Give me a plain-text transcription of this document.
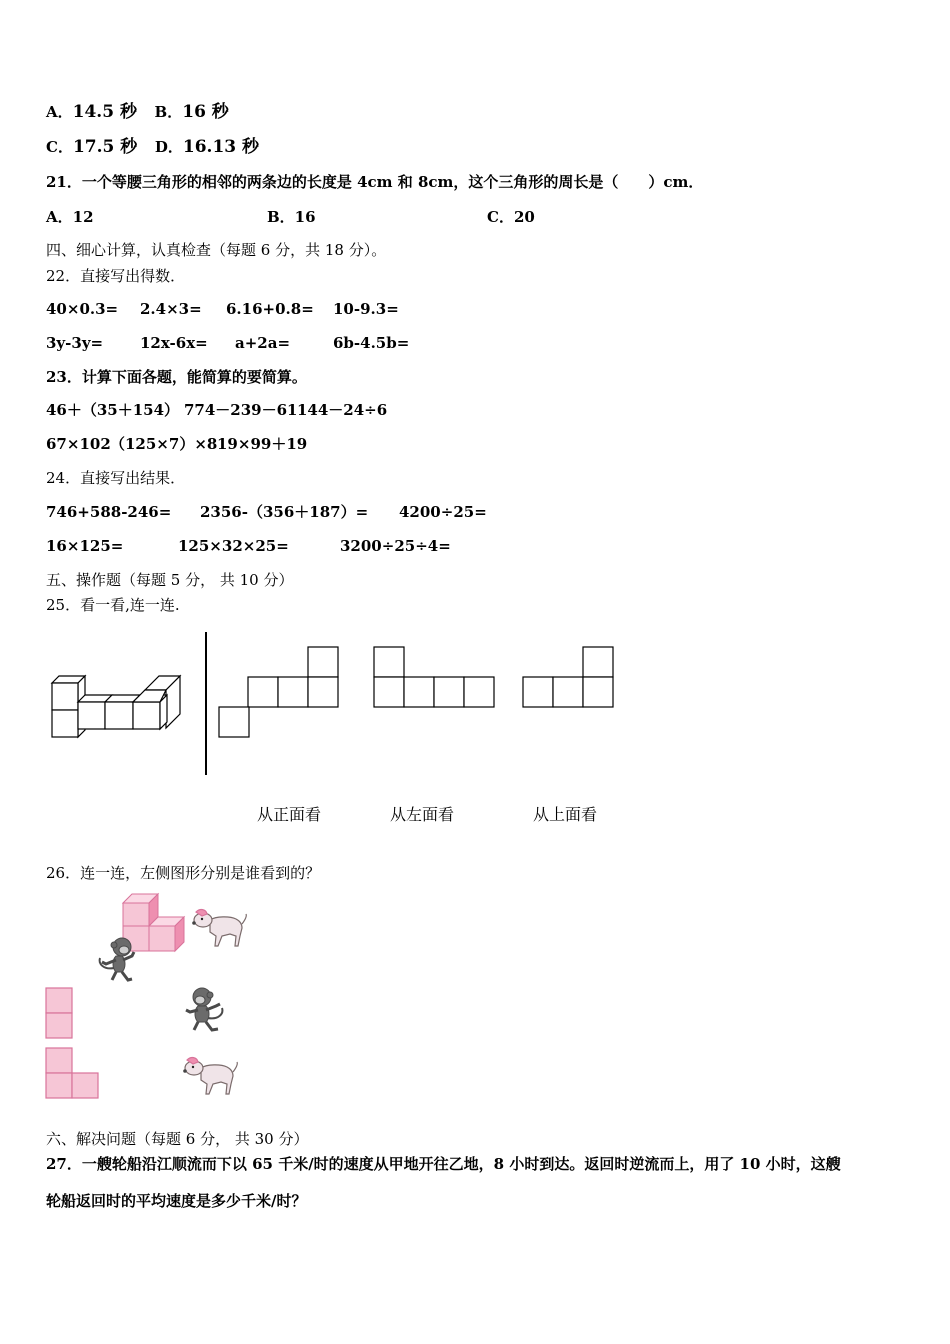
A．14.5 秒 B．16 秒
C．17.5 秒 D．16.13 秒
21．一个等腰三角形的相邻的两条边的长度是 4cm 和 8cm，这个三角形的周长是（　　）cm．
A．12	B．16	C．20
四、细心计算，认真检查（每题 6 分，共 18 分）。
22．直接写出得数．
40×0.3= 2.4×3= 6.16+0.8= 10-9.3=
3y-3y= 12x-6x= a+2a=	6b-4.5b=
23．计算下面各题，能简算的要简算。
46＋（35＋154） 774－239－61 144－24÷6
67×102 （125×7）×8 19×99＋19
24．直接写出结果．
746+588-246= 2356-（356＋187）= 4200÷25=
16×125=	125×32×25=	3200÷25÷4=
五、操作题（每题 5 分， 共 10 分）
25．看一看,连一连.
从正面看	从左面看	从上面看
26．连一连，左侧图形分别是谁看到的？
六、解决问题（每题 6 分， 共 30 分）
27．一艘轮船沿江顺流而下以 65 千米/时的速度从甲地开往乙地，8 小时到达。返回时逆流而上，用了 10 小时，这艘
轮船返回时的平均速度是多少千米/时？
